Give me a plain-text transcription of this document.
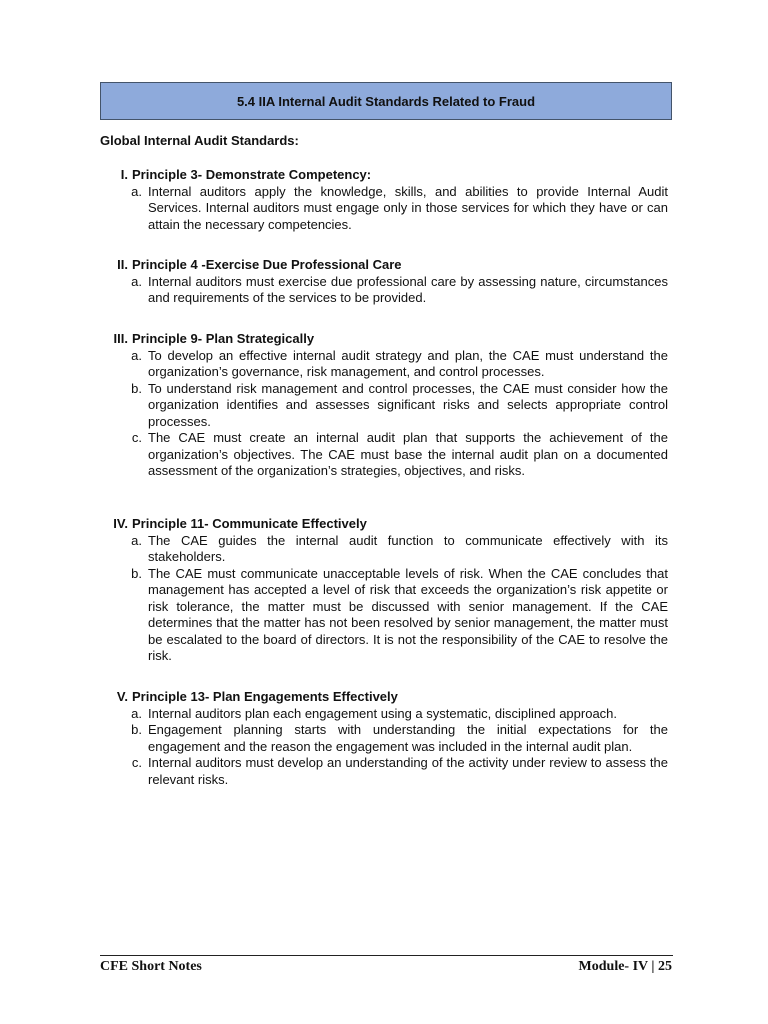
5.4 IIA Internal Audit Standards Related to Fraud
Global Internal Audit Standards:
I. Principle 3- Demonstrate Competency:
a. Internal auditors apply the knowledge, skills, and abilities to provide Internal Audit Services. Internal auditors must engage only in those services for which they have or can attain the necessary competencies.
II. Principle 4 -Exercise Due Professional Care
a. Internal auditors must exercise due professional care by assessing nature, circumstances and requirements of the services to be provided.
III. Principle 9- Plan Strategically
a. To develop an effective internal audit strategy and plan, the CAE must understand the organization’s governance, risk management, and control processes.
b. To understand risk management and control processes, the CAE must consider how the organization identifies and assesses significant risks and selects appropriate control processes.
c. The CAE must create an internal audit plan that supports the achievement of the organization’s objectives. The CAE must base the internal audit plan on a documented assessment of the organization’s strategies, objectives, and risks.
IV. Principle 11- Communicate Effectively
a. The CAE guides the internal audit function to communicate effectively with its stakeholders.
b. The CAE must communicate unacceptable levels of risk. When the CAE concludes that management has accepted a level of risk that exceeds the organization’s risk appetite or risk tolerance, the matter must be discussed with senior management. If the CAE determines that the matter has not been resolved by senior management, the matter must be escalated to the board of directors. It is not the responsibility of the CAE to resolve the risk.
V. Principle 13- Plan Engagements Effectively
a. Internal auditors plan each engagement using a systematic, disciplined approach.
b. Engagement planning starts with understanding the initial expectations for the engagement and the reason the engagement was included in the internal audit plan.
c. Internal auditors must develop an understanding of the activity under review to assess the relevant risks.
CFE Short Notes	Module- IV | 25
